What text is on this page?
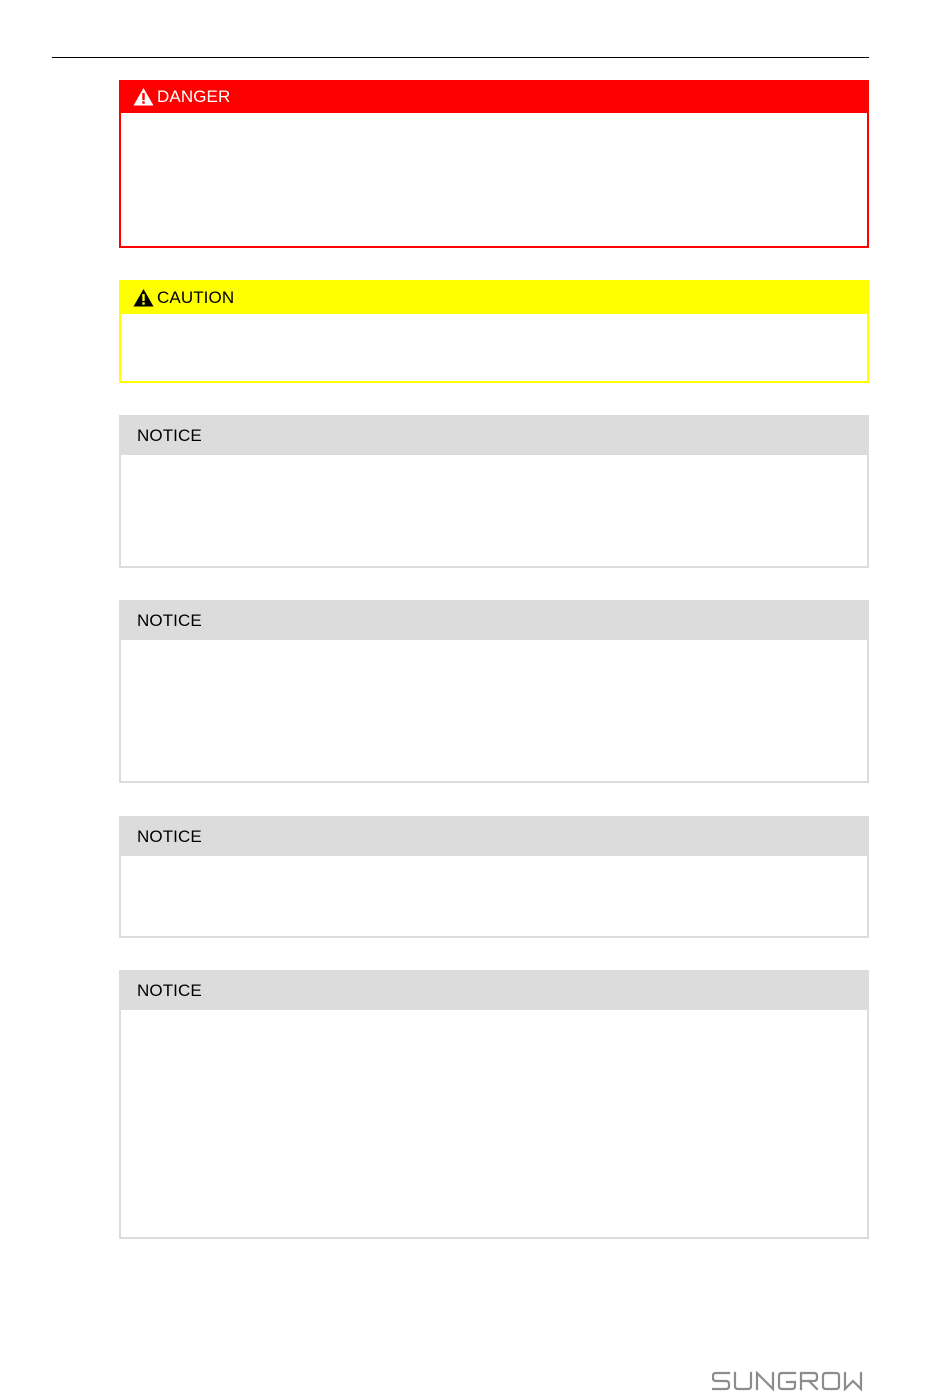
DANGER
CAUTION
NOTICE
NOTICE
NOTICE
NOTICE
